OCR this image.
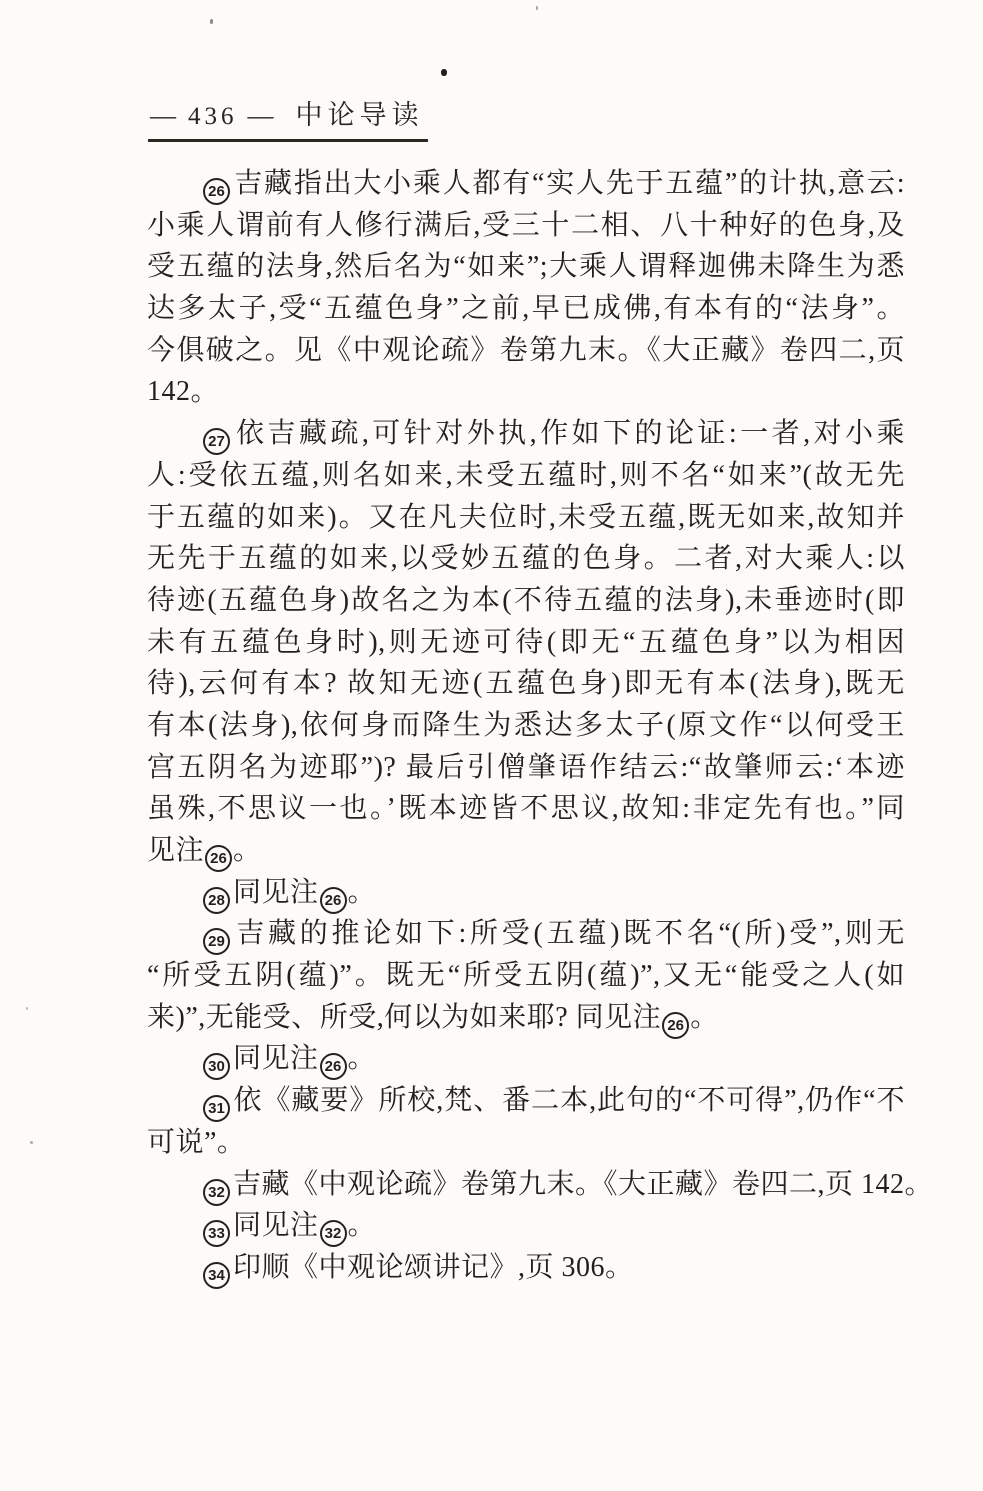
— 436 — 中论导读
26 吉藏指出大小乘人都有“实人先于五蕴”的计执,意云:
小乘人谓前有人修行满后,受三十二相、八十种好的色身,及
受五蕴的法身,然后名为“如来”;大乘人谓释迦佛未降生为悉
达多太子,受“五蕴色身”之前,早已成佛,有本有的“法身”。
今俱破之。见《中观论疏》卷第九末。《大正藏》卷四二,页
142。
27 依吉藏疏,可针对外执,作如下的论证:一者,对小乘
人:受依五蕴,则名如来,未受五蕴时,则不名“如来”(故无先
于五蕴的如来)。又在凡夫位时,未受五蕴,既无如来,故知并
无先于五蕴的如来,以受妙五蕴的色身。二者,对大乘人:以
待迹(五蕴色身)故名之为本(不待五蕴的法身),未垂迹时(即
未有五蕴色身时),则无迹可待(即无“五蕴色身”以为相因
待),云何有本? 故知无迹(五蕴色身)即无有本(法身),既无
有本(法身),依何身而降生为悉达多太子(原文作“以何受王
宫五阴名为迹耶”)? 最后引僧肇语作结云:“故肇师云:‘本迹
虽殊,不思议一也。’既本迹皆不思议,故知:非定先有也。”同
见注 26 。
28 同见注 26 。
29 吉藏的推论如下:所受(五蕴)既不名“(所)受”,则无
“所受五阴(蕴)”。既无“所受五阴(蕴)”,又无“能受之人(如
来)”,无能受、所受,何以为如来耶? 同见注 26 。
30 同见注 26 。
31 依《藏要》所校,梵、番二本,此句的“不可得”,仍作“不
可说”。
32 吉藏《中观论疏》卷第九末。《大正藏》卷四二,页 142。
33 同见注 32 。
34 印顺《中观论颂讲记》,页 306。
